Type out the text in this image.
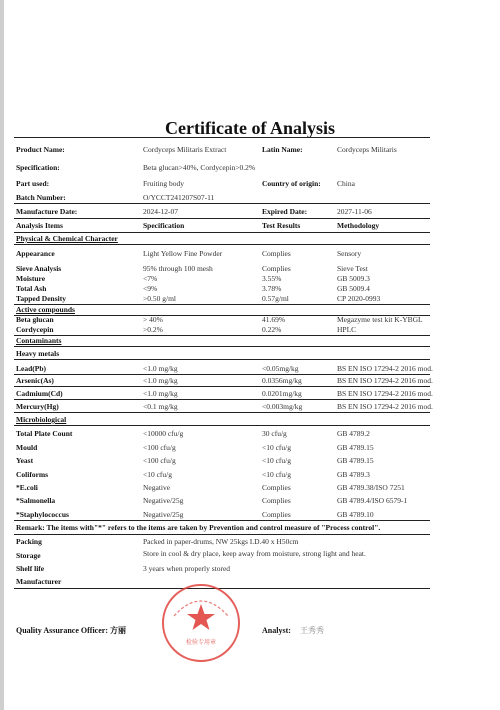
Certificate of Analysis
Product Name:	Cordyceps Militaris Extract	Latin Name:	Cordyceps Militaris
Specification:	Beta glucan>40%, Cordycepin>0.2%
Part used:	Fruiting body	Country of origin: China
Batch Number:	O/YCCT241207S07-11
Manufacture Date:	2024-12-07	Expired Date:	2027-11-06
Analysis Items	Specification	Test Results	Methodology
Physical & Chemical Character
Appearance	Light Yellow Fine Powder	Complies	Sensory
Sieve Analysis	95% through 100 mesh	Complies	Sieve Test
Moisture	<7%	3.55%	GB 5009.3
Total Ash	<9%	3.78%	GB 5009.4
Tapped Density	>0.50 g/ml	0.57g/ml	CP 2020-0993
Active compounds
Beta glucan	> 40%	41.69%	Megazyme test kit K-YBGL
Cordycepin	>0.2%	0.22%	HPLC
Contaminants
Heavy metals
Lead(Pb)	<1.0 mg/kg	<0.05mg/kg	BS EN ISO 17294-2 2016 mod.
Arsenic(As)	<1.0 mg/kg	0.0356mg/kg	BS EN ISO 17294-2 2016 mod.
Cadmium(Cd)	<1.0 mg/kg	0.0201mg/kg	BS EN ISO 17294-2 2016 mod.
Mercury(Hg)	<0.1 mg/kg	<0.003mg/kg	BS EN ISO 17294-2 2016 mod.
Microbiological
Total Plate Count	<10000 cfu/g	30 cfu/g	GB 4789.2
Mould	<100 cfu/g	<10 cfu/g	GB 4789.15
Yeast	<100 cfu/g	<10 cfu/g	GB 4789.15
Coliforms	<10 cfu/g	<10 cfu/g	GB 4789.3
*E.coli	Negative	Complies	GB 4789.38/ISO 7251
*Salmonella	Negative/25g	Complies	GB 4789.4/ISO 6579-1
*Staphylococcus	Negative/25g	Complies	GB 4789.10
Remark: The items with"*" refers to the items are taken by Prevention and control measure of "Process control".
Packing	Packed in paper-drums, NW 25kgs I.D.40 x H50cm
Storage	Store in cool & dry place, keep away from moisture, strong light and heat.
Shelf life	3 years when properly stored
Manufacturer
Quality Assurance Officer: 方丽	Analyst: 王秀秀
检验专用章
